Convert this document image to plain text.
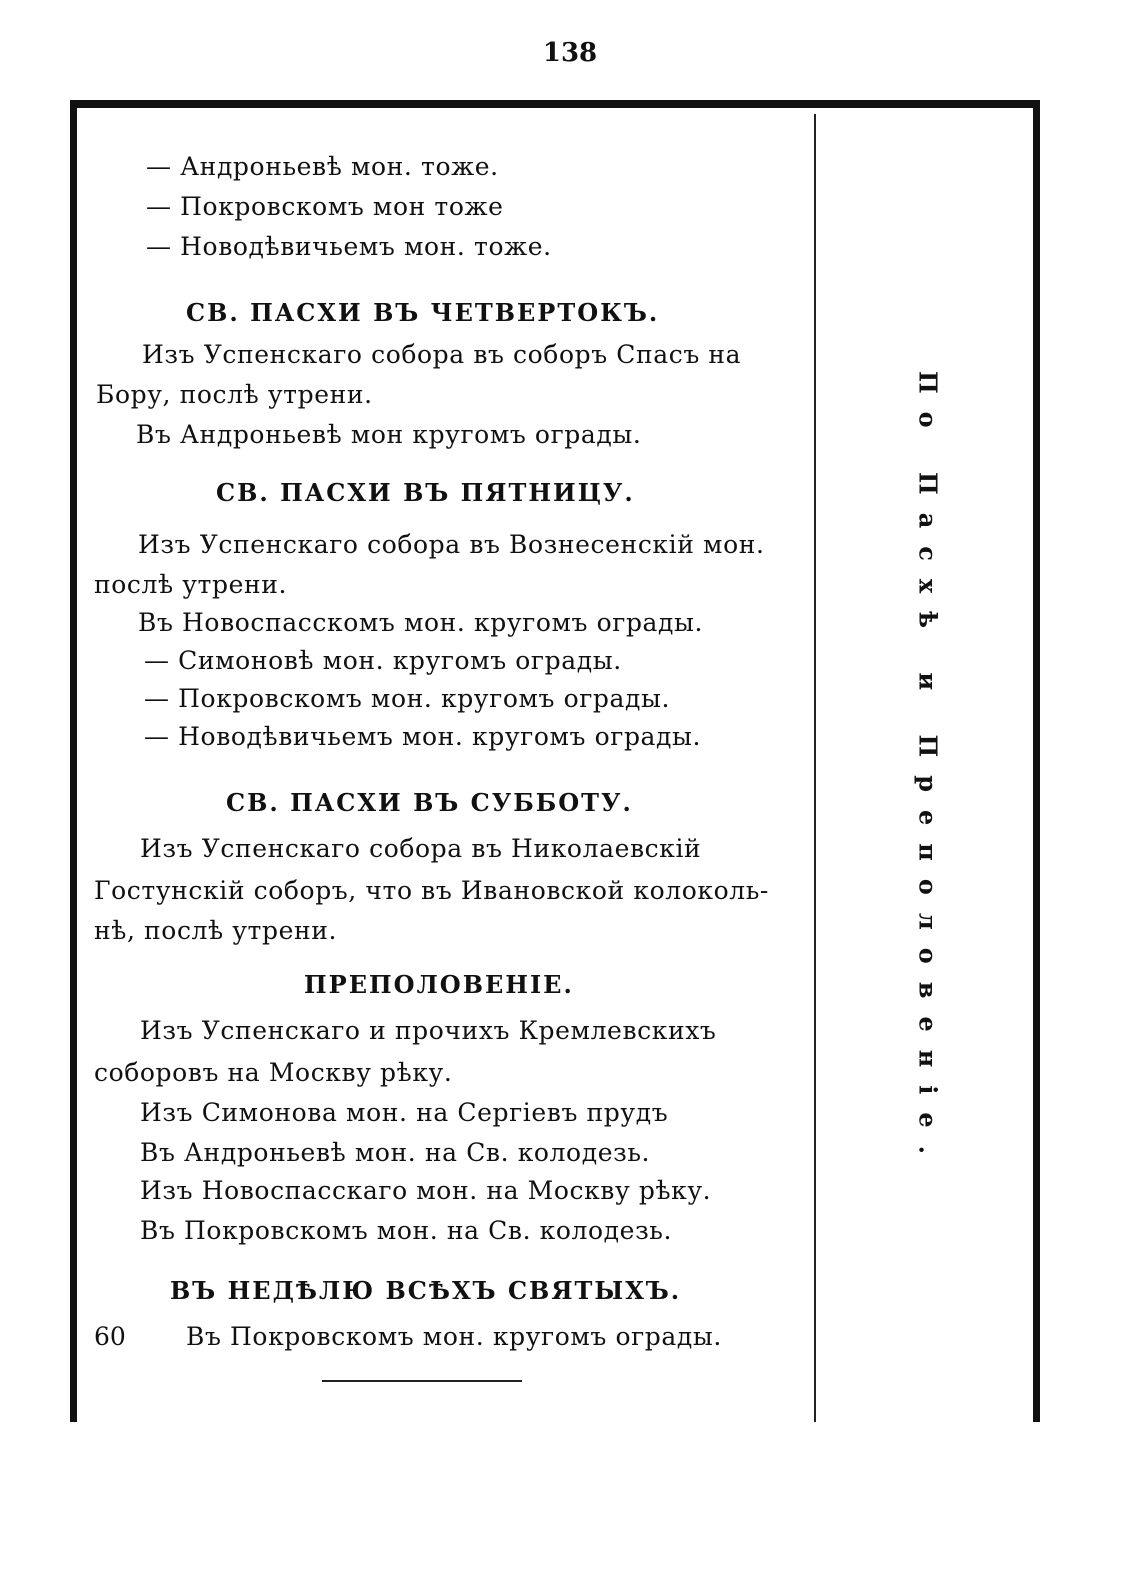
138
— Андроньевѣ мон. тоже.
— Покровскомъ мон тоже
— Новодѣвичьемъ мон. тоже.
СВ. ПАСХИ ВЪ ЧЕТВЕРТОКЪ.
Изъ Успенскаго собора въ соборъ Спасъ на
Бору, послѣ утрени.
Въ Андроньевѣ мон кругомъ ограды.
СВ. ПАСХИ ВЪ ПЯТНИЦУ.
Изъ Успенскаго собора въ Вознесенскій мон.
послѣ утрени.
Въ Новоспасскомъ мон. кругомъ ограды.
— Симоновѣ мон. кругомъ ограды.
— Покровскомъ мон. кругомъ ограды.
— Новодѣвичьемъ мон. кругомъ ограды.
СВ. ПАСХИ ВЪ СУББОТУ.
Изъ Успенскаго собора въ Николаевскій
Гостунскій соборъ, что въ Ивановской колоколь-
нѣ, послѣ утрени.
ПРЕПОЛОВЕНІЕ.
Изъ Успенскаго и прочихъ Кремлевскихъ
соборовъ на Москву рѣку.
Изъ Симонова мон. на Сергіевъ прудъ
Въ Андроньевѣ мон. на Св. колодезь.
Изъ Новоспасскаго мон. на Москву рѣку.
Въ Покровскомъ мон. на Св. колодезь.
ВЪ НЕДѢЛЮ ВСѢХЪ СВЯТЫХЪ.
60 Въ Покровскомъ мон. кругомъ ограды.
По Пасхѣ и Преполовеніе.
